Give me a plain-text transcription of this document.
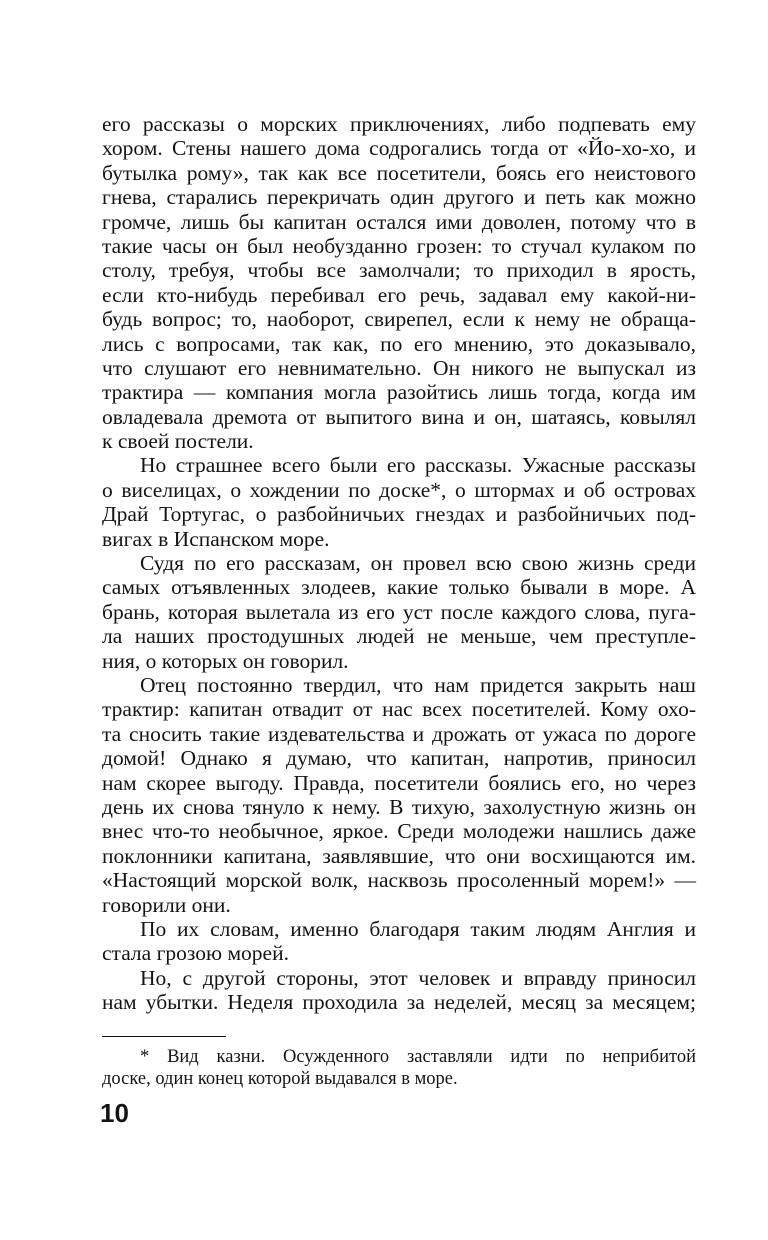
его рассказы о морских приключениях, либо подпевать ему
хором. Стены нашего дома содрогались тогда от «Йо-хо-хо, и
бутылка рому», так как все посетители, боясь его неистового
гнева, старались перекричать один другого и петь как можно
громче, лишь бы капитан остался ими доволен, потому что в
такие часы он был необузданно грозен: то стучал кулаком по
столу, требуя, чтобы все замолчали; то приходил в ярость,
если кто-нибудь перебивал его речь, задавал ему какой-ни-
будь вопрос; то, наоборот, свирепел, если к нему не обраща-
лись с вопросами, так как, по его мнению, это доказывало,
что слушают его невнимательно. Он никого не выпускал из
трактира — компания могла разойтись лишь тогда, когда им
овладевала дремота от выпитого вина и он, шатаясь, ковылял
к своей постели.
Но страшнее всего были его рассказы. Ужасные рассказы
о виселицах, о хождении по доске*, о штормах и об островах
Драй Тортугас, о разбойничьих гнездах и разбойничьих под-
вигах в Испанском море.
Судя по его рассказам, он провел всю свою жизнь среди
самых отъявленных злодеев, какие только бывали в море. А
брань, которая вылетала из его уст после каждого слова, пуга-
ла наших простодушных людей не меньше, чем преступле-
ния, о которых он говорил.
Отец постоянно твердил, что нам придется закрыть наш
трактир: капитан отвадит от нас всех посетителей. Кому охо-
та сносить такие издевательства и дрожать от ужаса по дороге
домой! Однако я думаю, что капитан, напротив, приносил
нам скорее выгоду. Правда, посетители боялись его, но через
день их снова тянуло к нему. В тихую, захолустную жизнь он
внес что-то необычное, яркое. Среди молодежи нашлись даже
поклонники капитана, заявлявшие, что они восхищаются им.
«Настоящий морской волк, насквозь просоленный морем!» —
говорили они.
По их словам, именно благодаря таким людям Англия и
стала грозою морей.
Но, с другой стороны, этот человек и вправду приносил
нам убытки. Неделя проходила за неделей, месяц за месяцем;
* Вид казни. Осужденного заставляли идти по неприбитой
доске, один конец которой выдавался в море.
10
